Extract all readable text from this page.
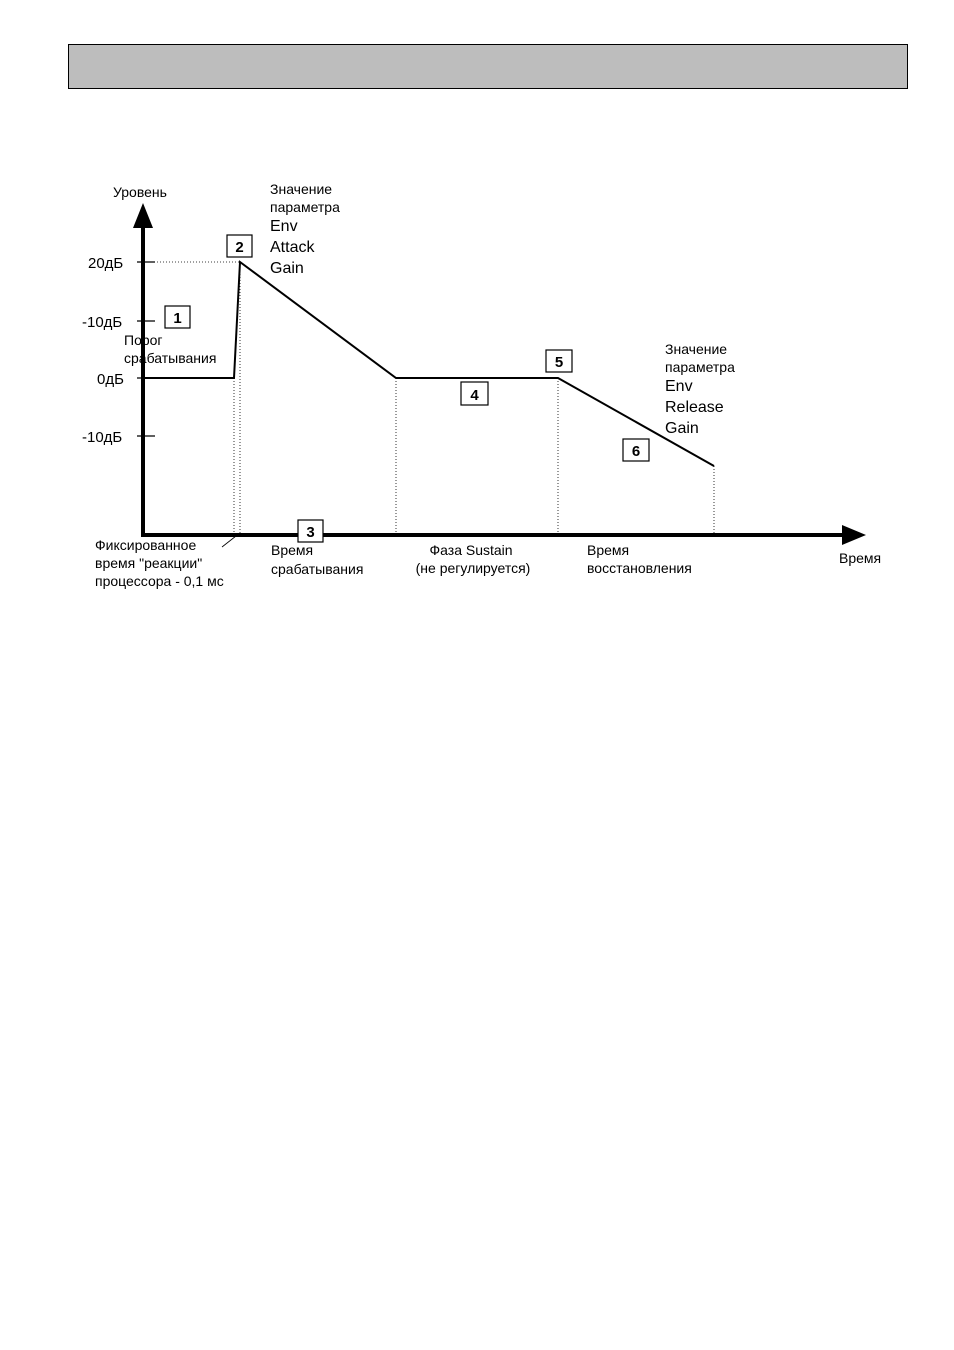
Уровень
Время
20дБ
-10дБ
0дБ
-10дБ
Порог срабатывания
Значение параметра
Env Attack Gain
Значение параметра
Env Release Gain
Фиксированное время "реакции" процессора - 0,1 мс
Время срабатывания
Фаза Sustain (не регулируется)
Время восстановления
1
2
3
4
5
6
